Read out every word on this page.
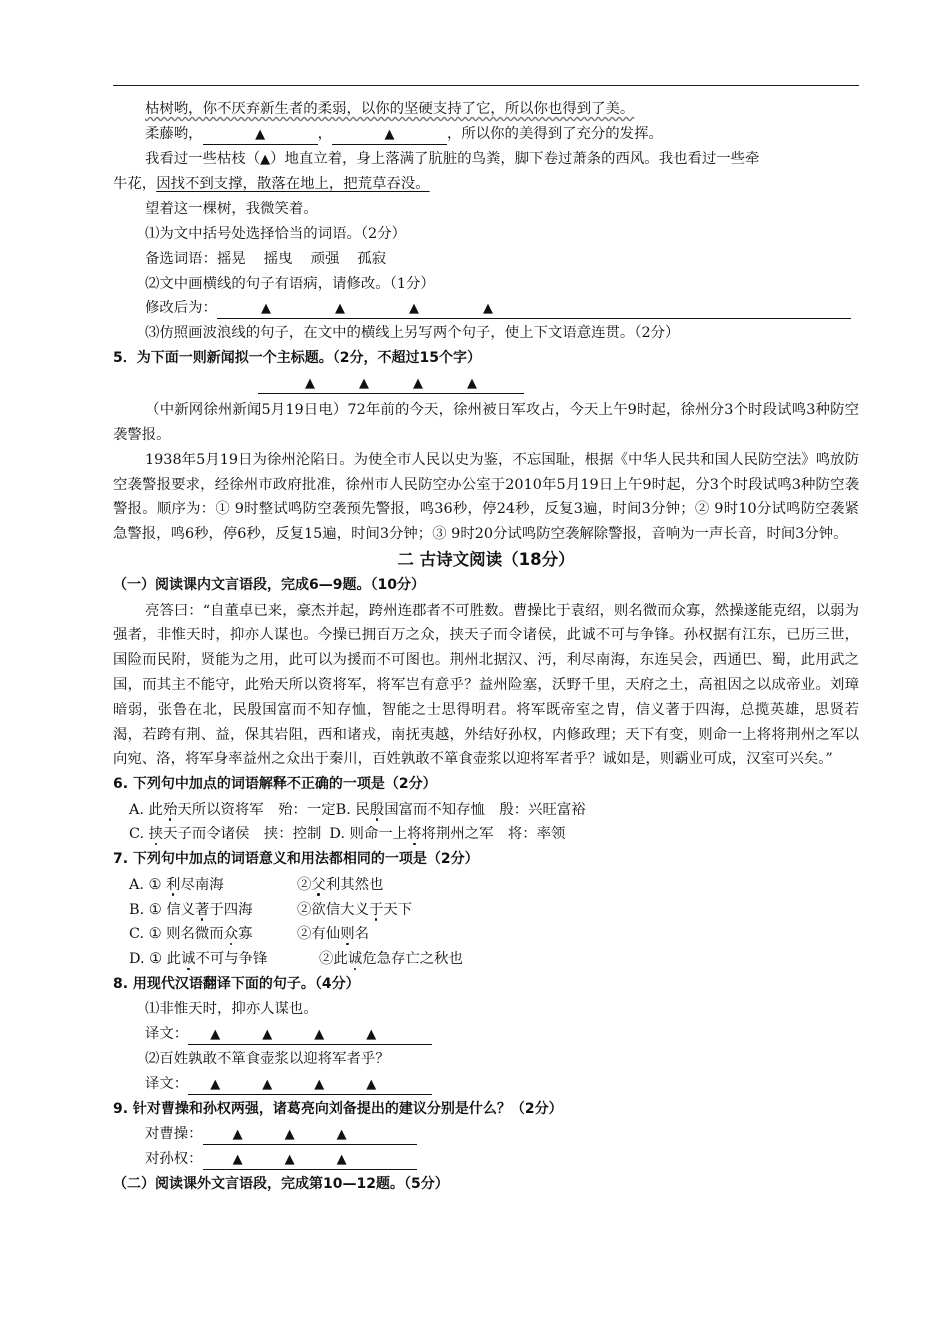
枯树哟，你不厌弃新生者的柔弱，以你的坚硬支持了它，所以你也得到了美。
柔藤哟，	▲	，	▲	，所以你的美得到了充分的发挥。
我看过一些枯枝（▲）地直立着，身上落满了肮脏的鸟粪，脚下卷过萧条的西风。我也看过一些牵
牛花，因找不到支撑，散落在地上，把荒草吞没。
望着这一棵树，我微笑着。
⑴为文中括号处选择恰当的词语。（2分）
备选词语：摇晃 摇曳 顽强 孤寂
⑵文中画横线的句子有语病，请修改。（1分）
修改后为：	▲	▲	▲	▲
⑶仿照画波浪线的句子，在文中的横线上另写两个句子，使上下文语意连贯。（2分）
5．为下面一则新闻拟一个主标题。（2分，不超过15个字）
▲	▲	▲	▲
（中新网徐州新闻5月19日电）72年前的今天，徐州被日军攻占，今天上午9时起，徐州分3个时段试鸣3种防空袭警报。
1938年5月19日为徐州沦陷日。为使全市人民以史为鉴，不忘国耻，根据《中华人民共和国人民防空法》鸣放防空袭警报要求，经徐州市政府批准，徐州市人民防空办公室于2010年5月19日上午9时起，分3个时段试鸣3种防空袭警报。顺序为：① 9时整试鸣防空袭预先警报，鸣36秒，停24秒，反复3遍，时间3分钟；② 9时10分试鸣防空袭紧急警报，鸣6秒，停6秒，反复15遍，时间3分钟；③ 9时20分试鸣防空袭解除警报，音响为一声长音，时间3分钟。
二 古诗文阅读（18分）
（一）阅读课内文言语段，完成6—9题。（10分）
亮答曰：“自董卓已来，豪杰并起，跨州连郡者不可胜数。曹操比于袁绍，则名微而众寡，然操遂能克绍，以弱为强者，非惟天时，抑亦人谋也。今操已拥百万之众，挟天子而令诸侯，此诚不可与争锋。孙权据有江东，已历三世，国险而民附，贤能为之用，此可以为援而不可图也。荆州北据汉、沔，利尽南海，东连吴会，西通巴、蜀，此用武之国，而其主不能守，此殆天所以资将军，将军岂有意乎？益州险塞，沃野千里，天府之土，高祖因之以成帝业。刘璋暗弱，张鲁在北，民殷国富而不知存恤，智能之士思得明君。将军既帝室之胄，信义著于四海，总揽英雄，思贤若渴，若跨有荆、益，保其岩阻，西和诸戎，南抚夷越，外结好孙权，内修政理；天下有变，则命一上将将荆州之军以向宛、洛，将军身率益州之众出于秦川，百姓孰敢不箪食壶浆以迎将军者乎？诚如是，则霸业可成，汉室可兴矣。”
6. 下列句中加点的词语解释不正确的一项是（2分）
A. 此殆天所以资将军　殆：一定B. 民殷国富而不知存恤　殷：兴旺富裕
C. 挟天子而令诸侯　挟：控制 D. 则命一上将将荆州之军　将：率领
7. 下列句中加点的词语意义和用法都相同的一项是（2分）
A. ① 利尽南海	②父利其然也
B. ① 信义著于四海	②欲信大义于天下
C. ① 则名微而众寡	②有仙则名
D. ① 此诚不可与争锋	②此诚危急存亡之秋也
8. 用现代汉语翻译下面的句子。（4分）
⑴非惟天时，抑亦人谋也。
译文： ▲	▲	▲	▲
⑵百姓孰敢不箪食壶浆以迎将军者乎？
译文： ▲	▲	▲	▲
9. 针对曹操和孙权两强，诸葛亮向刘备提出的建议分别是什么？（2分）
对曹操： ▲	▲	▲
对孙权： ▲	▲	▲
（二）阅读课外文言语段，完成第10—12题。（5分）
